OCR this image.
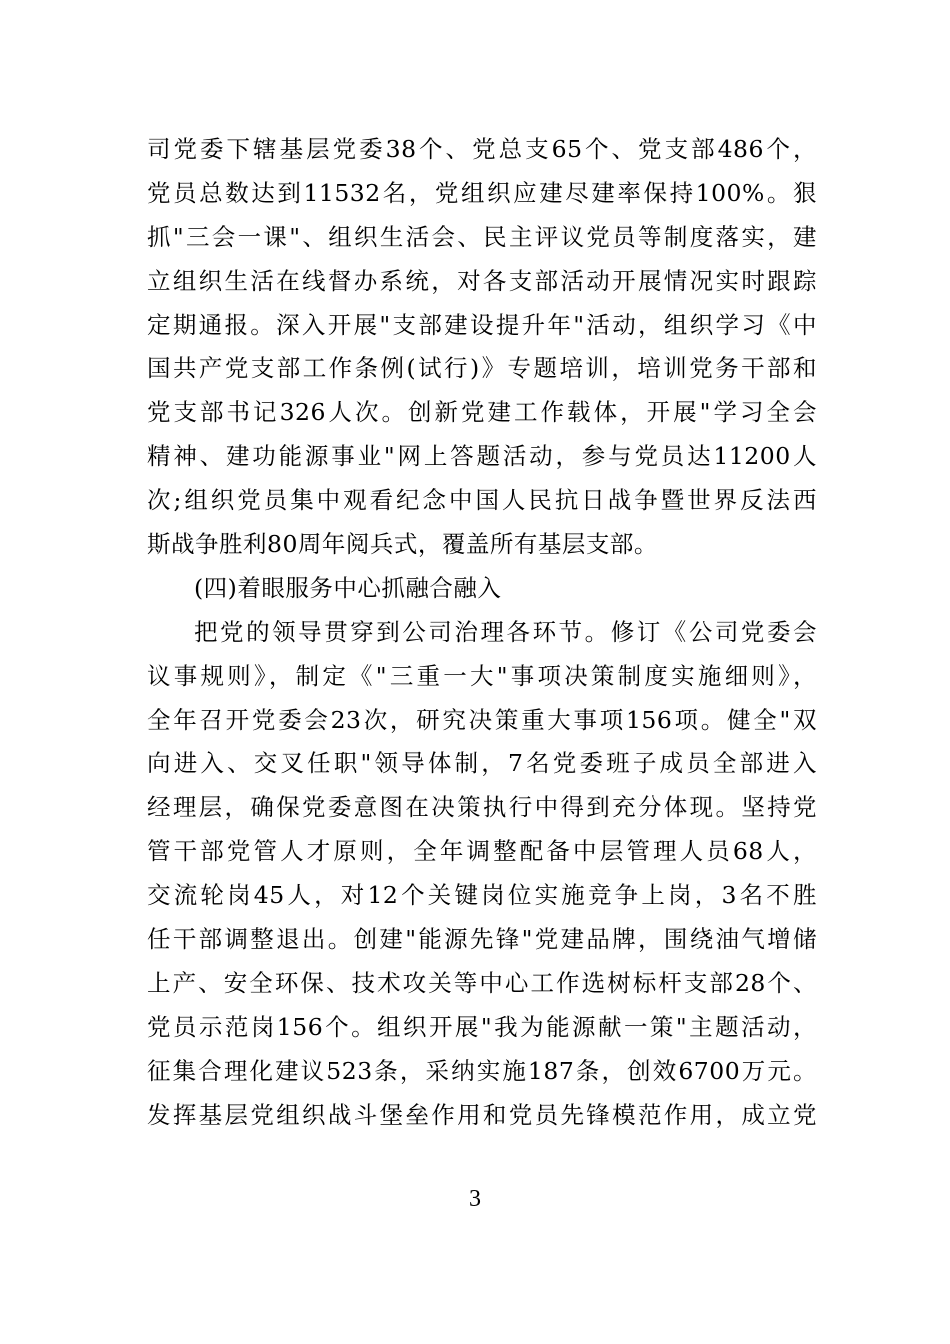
司党委下辖基层党委38个、党总支65个、党支部486个，
党员总数达到11532名，党组织应建尽建率保持100%。狠
抓"三会一课"、组织生活会、民主评议党员等制度落实，建
立组织生活在线督办系统，对各支部活动开展情况实时跟踪
定期通报。深入开展"支部建设提升年"活动，组织学习《中
国共产党支部工作条例(试行)》专题培训，培训党务干部和
党支部书记326人次。创新党建工作载体，开展"学习全会
精神、建功能源事业"网上答题活动，参与党员达11200人
次;组织党员集中观看纪念中国人民抗日战争暨世界反法西
斯战争胜利80周年阅兵式，覆盖所有基层支部。
(四)着眼服务中心抓融合融入
把党的领导贯穿到公司治理各环节。修订《公司党委会
议事规则》，制定《"三重一大"事项决策制度实施细则》，
全年召开党委会23次，研究决策重大事项156项。健全"双
向进入、交叉任职"领导体制，7名党委班子成员全部进入
经理层，确保党委意图在决策执行中得到充分体现。坚持党
管干部党管人才原则，全年调整配备中层管理人员68人，
交流轮岗45人，对12个关键岗位实施竞争上岗，3名不胜
任干部调整退出。创建"能源先锋"党建品牌，围绕油气增储
上产、安全环保、技术攻关等中心工作选树标杆支部28个、
党员示范岗156个。组织开展"我为能源献一策"主题活动，
征集合理化建议523条，采纳实施187条，创效6700万元。
发挥基层党组织战斗堡垒作用和党员先锋模范作用，成立党
3
